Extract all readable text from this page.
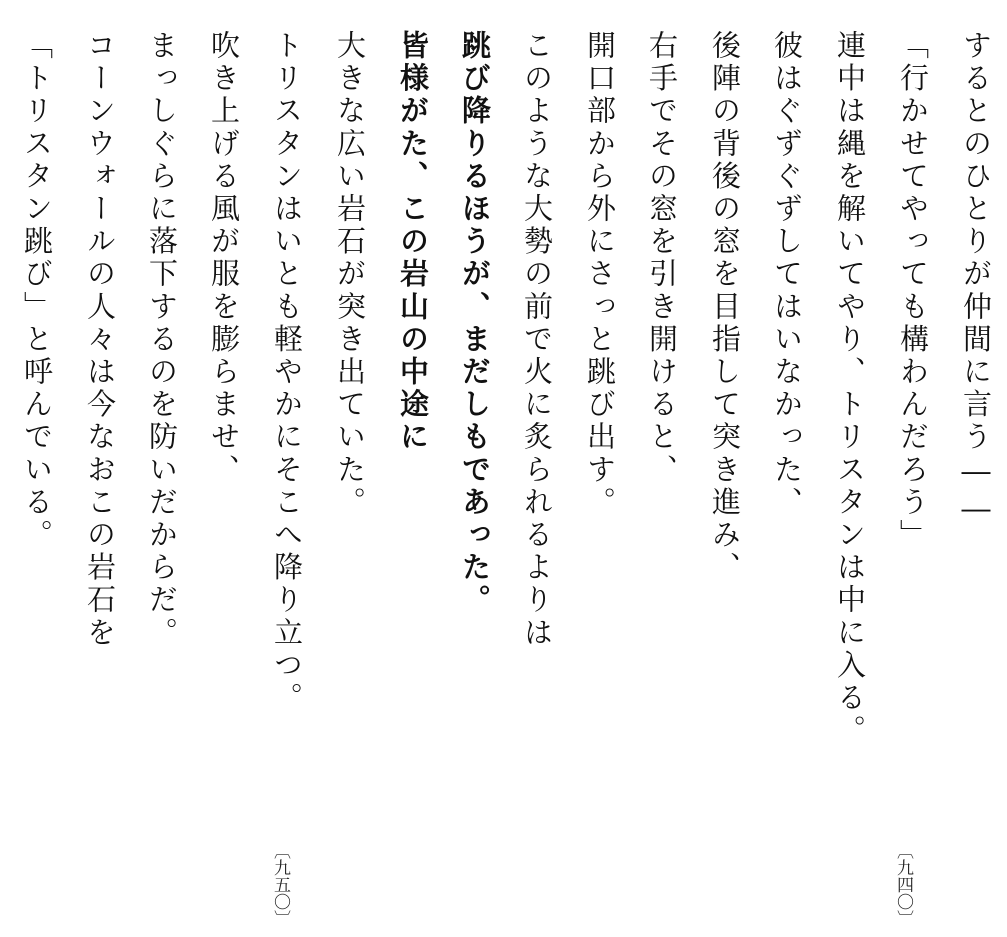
するとのひとりが仲間に言う――
「行かせてやっても構わんだろう」
連中は縄を解いてやり、トリスタンは中に入る。
彼はぐずぐずしてはいなかった、
後陣の背後の窓を目指して突き進み、
右手でその窓を引き開けると、
開口部から外にさっと跳び出す。
このような大勢の前で火に炙られるよりは
跳び降りるほうが、まだしもであった。
皆様がた、この岩山の中途に
大きな広い岩石が突き出ていた。
トリスタンはいとも軽やかにそこへ降り立つ。
吹き上げる風が服を膨らませ、
まっしぐらに落下するのを防いだからだ。
コーンウォールの人々は今なおこの岩石を
「トリスタン跳び」と呼んでいる。
〔九四〇〕
〔九五〇〕
